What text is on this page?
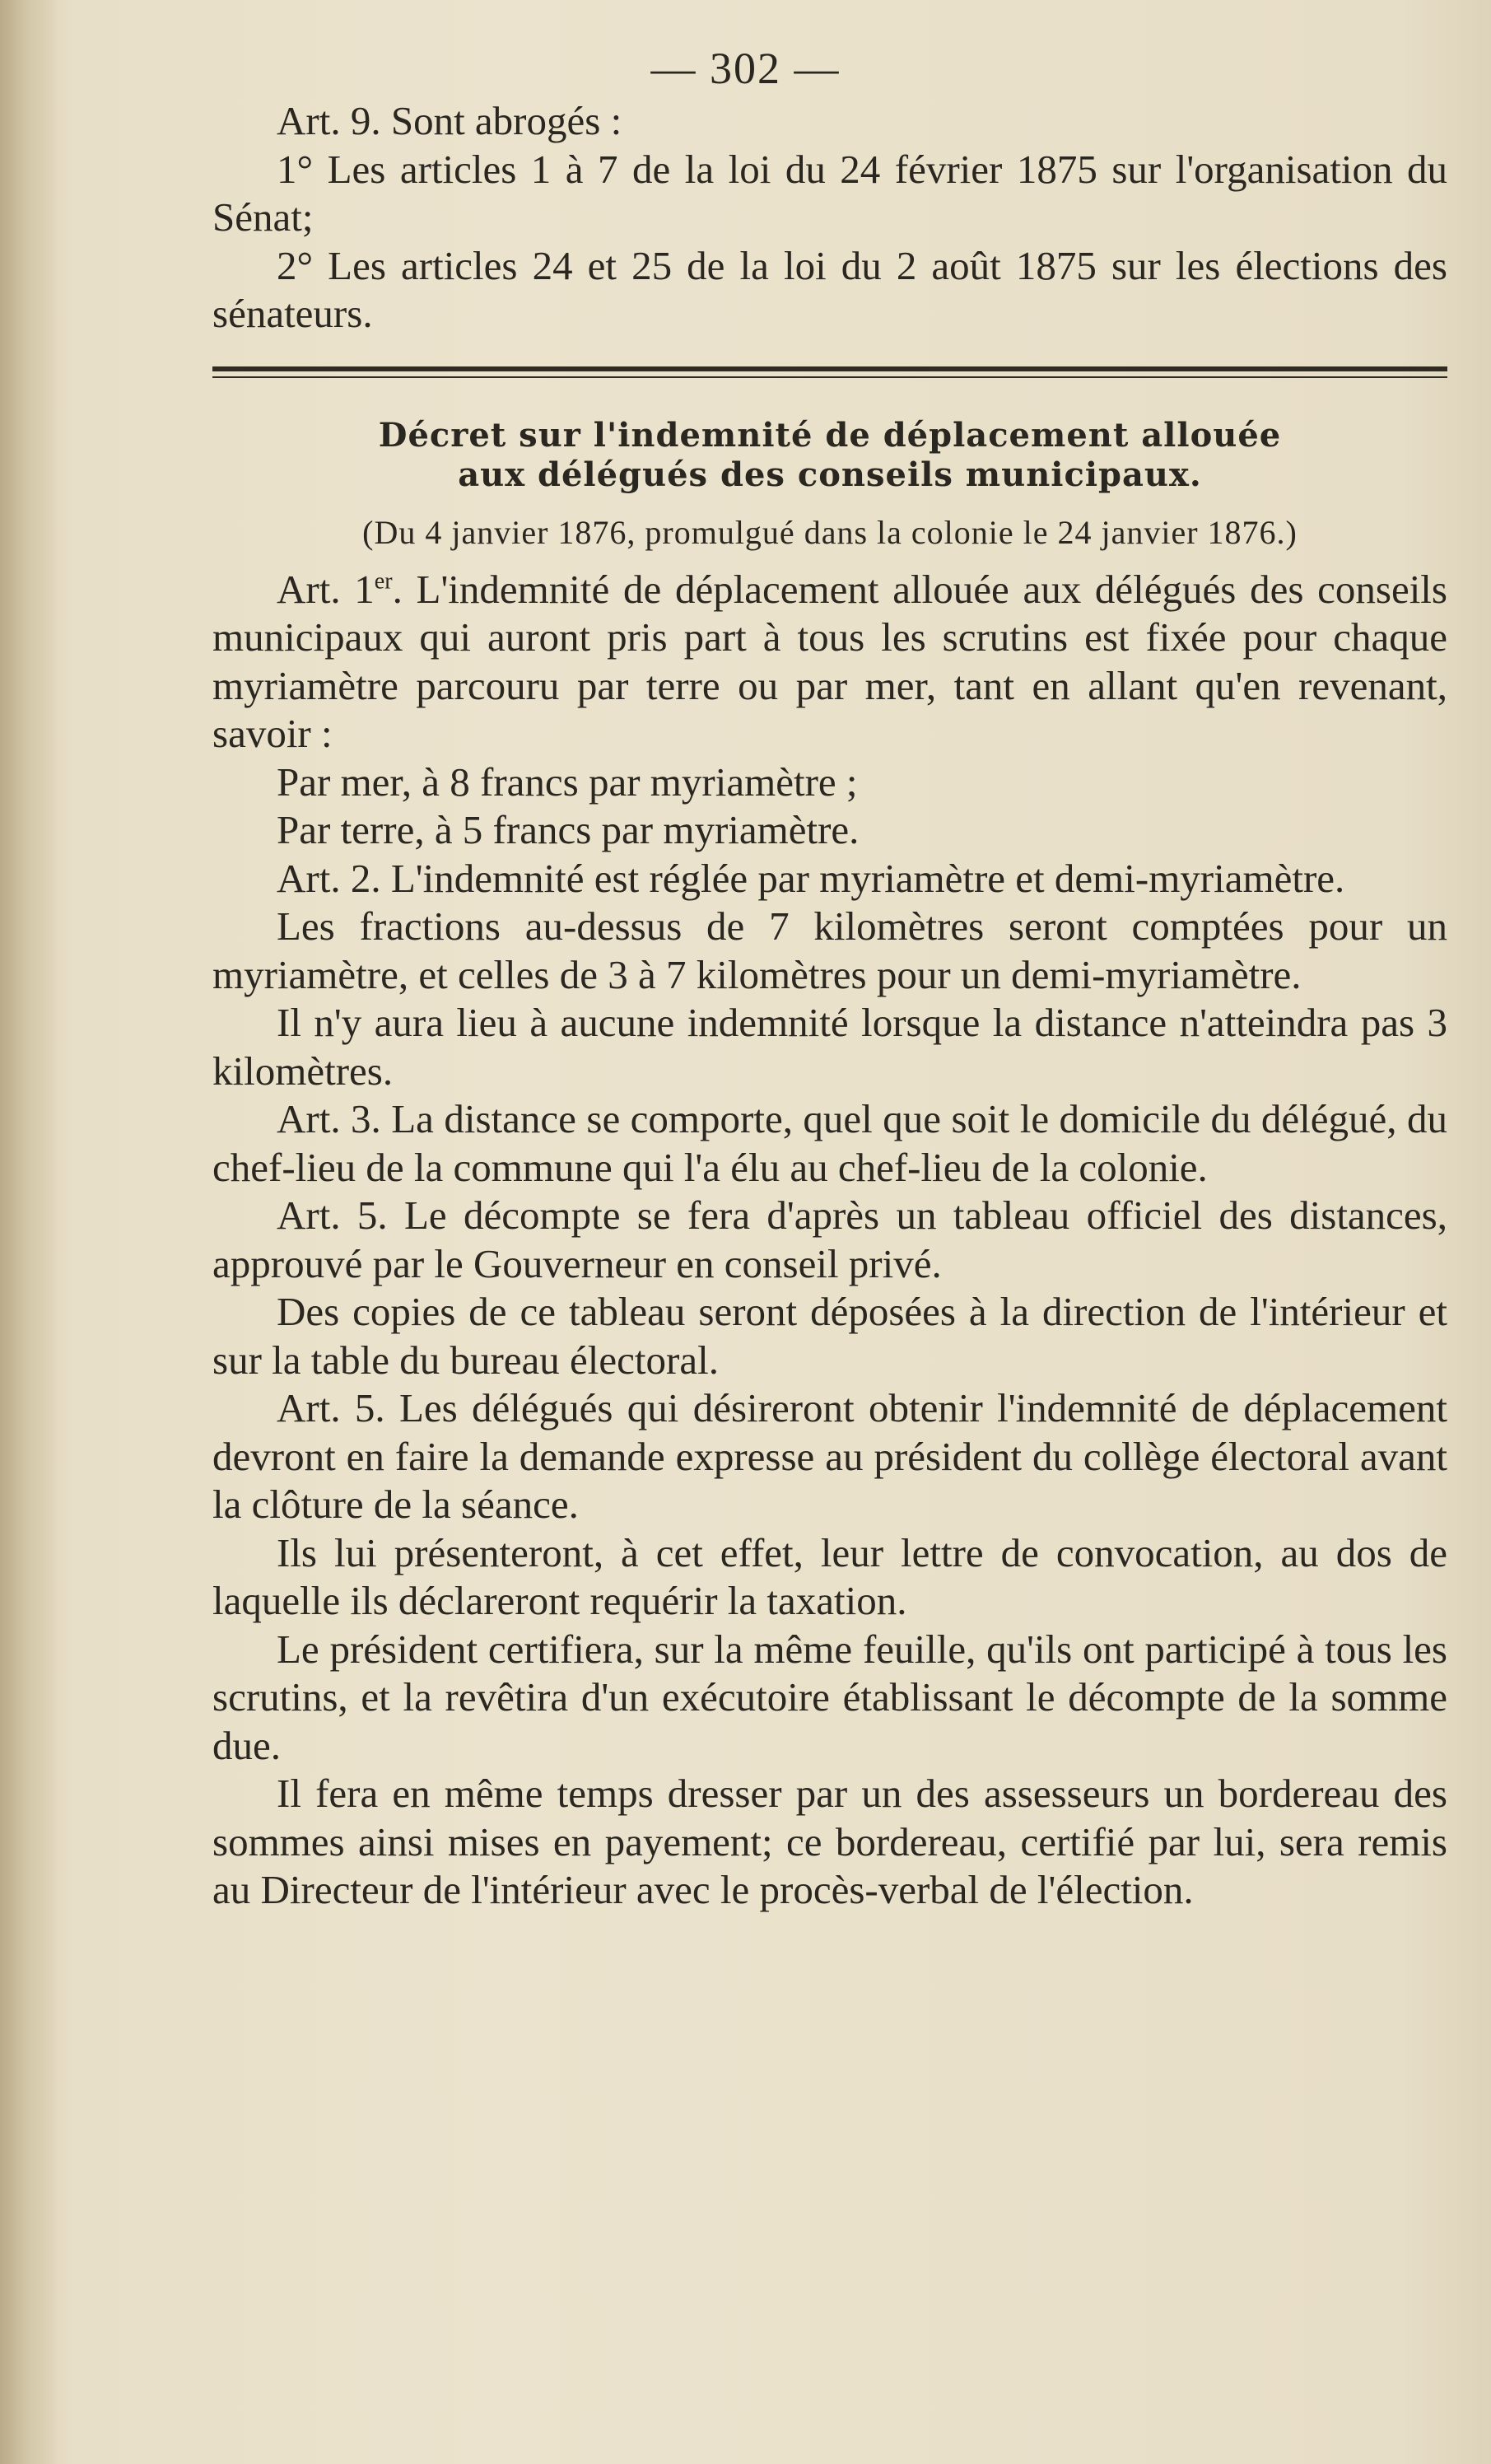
— 302 —

Art. 9. Sont abrogés :

1° Les articles 1 à 7 de la loi du 24 février 1875 sur l'organisation du Sénat;

2° Les articles 24 et 25 de la loi du 2 août 1875 sur les élections des sénateurs.

Décret sur l'indemnité de déplacement allouée
aux délégués des conseils municipaux.
(Du 4 janvier 1876, promulgué dans la colonie le 24 janvier 1876.)

Art. 1er. L'indemnité de déplacement allouée aux délégués des conseils municipaux qui auront pris part à tous les scrutins est fixée pour chaque myriamètre parcouru par terre ou par mer, tant en allant qu'en revenant, savoir :

Par mer, à 8 francs par myriamètre ;

Par terre, à 5 francs par myriamètre.

Art. 2. L'indemnité est réglée par myriamètre et demi-myriamètre.

Les fractions au-dessus de 7 kilomètres seront comptées pour un myriamètre, et celles de 3 à 7 kilomètres pour un demi-myriamètre.

Il n'y aura lieu à aucune indemnité lorsque la distance n'atteindra pas 3 kilomètres.

Art. 3. La distance se comporte, quel que soit le domicile du délégué, du chef-lieu de la commune qui l'a élu au chef-lieu de la colonie.

Art. 5. Le décompte se fera d'après un tableau officiel des distances, approuvé par le Gouverneur en conseil privé.

Des copies de ce tableau seront déposées à la direction de l'intérieur et sur la table du bureau électoral.

Art. 5. Les délégués qui désireront obtenir l'indemnité de déplacement devront en faire la demande expresse au président du collège électoral avant la clôture de la séance.

Ils lui présenteront, à cet effet, leur lettre de convocation, au dos de laquelle ils déclareront requérir la taxation.

Le président certifiera, sur la même feuille, qu'ils ont participé à tous les scrutins, et la revêtira d'un exécutoire établissant le décompte de la somme due.

Il fera en même temps dresser par un des assesseurs un bordereau des sommes ainsi mises en payement; ce bordereau, certifié par lui, sera remis au Directeur de l'intérieur avec le procès-verbal de l'élection.
